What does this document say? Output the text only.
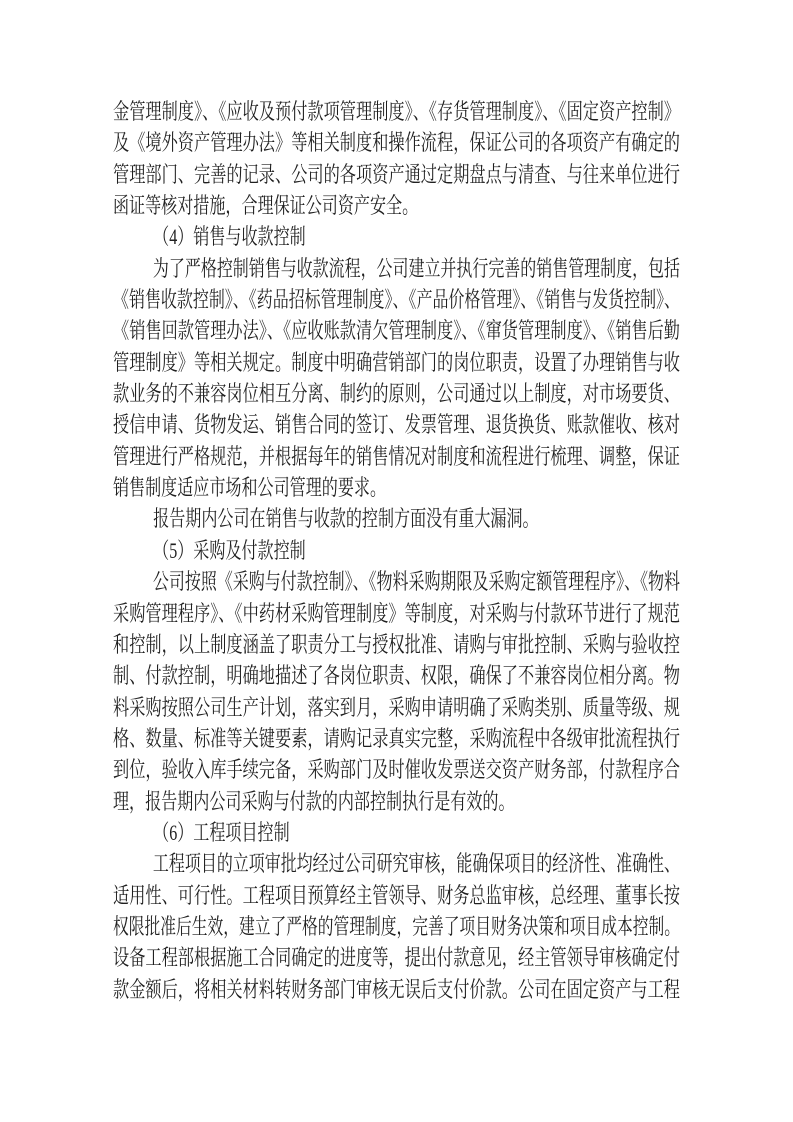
金管理制度》、《应收及预付款项管理制度》、《存货管理制度》、《固定资产控制》
及《境外资产管理办法》等相关制度和操作流程，保证公司的各项资产有确定的
管理部门、完善的记录、公司的各项资产通过定期盘点与清查、与往来单位进行
函证等核对措施，合理保证公司资产安全。
（4）销售与收款控制
为了严格控制销售与收款流程，公司建立并执行完善的销售管理制度，包括
《销售收款控制》、《药品招标管理制度》、《产品价格管理》、《销售与发货控制》、
《销售回款管理办法》、《应收账款清欠管理制度》、《窜货管理制度》、《销售后勤
管理制度》等相关规定。制度中明确营销部门的岗位职责，设置了办理销售与收
款业务的不兼容岗位相互分离、制约的原则，公司通过以上制度，对市场要货、
授信申请、货物发运、销售合同的签订、发票管理、退货换货、账款催收、核对
管理进行严格规范，并根据每年的销售情况对制度和流程进行梳理、调整，保证
销售制度适应市场和公司管理的要求。
报告期内公司在销售与收款的控制方面没有重大漏洞。
（5）采购及付款控制
公司按照《采购与付款控制》、《物料采购期限及采购定额管理程序》、《物料
采购管理程序》、《中药材采购管理制度》等制度，对采购与付款环节进行了规范
和控制，以上制度涵盖了职责分工与授权批准、请购与审批控制、采购与验收控
制、付款控制，明确地描述了各岗位职责、权限，确保了不兼容岗位相分离。物
料采购按照公司生产计划，落实到月，采购申请明确了采购类别、质量等级、规
格、数量、标准等关键要素，请购记录真实完整，采购流程中各级审批流程执行
到位，验收入库手续完备，采购部门及时催收发票送交资产财务部，付款程序合
理，报告期内公司采购与付款的内部控制执行是有效的。
（6）工程项目控制
工程项目的立项审批均经过公司研究审核，能确保项目的经济性、准确性、
适用性、可行性。工程项目预算经主管领导、财务总监审核，总经理、董事长按
权限批准后生效，建立了严格的管理制度，完善了项目财务决策和项目成本控制。
设备工程部根据施工合同确定的进度等，提出付款意见，经主管领导审核确定付
款金额后，将相关材料转财务部门审核无误后支付价款。公司在固定资产与工程
